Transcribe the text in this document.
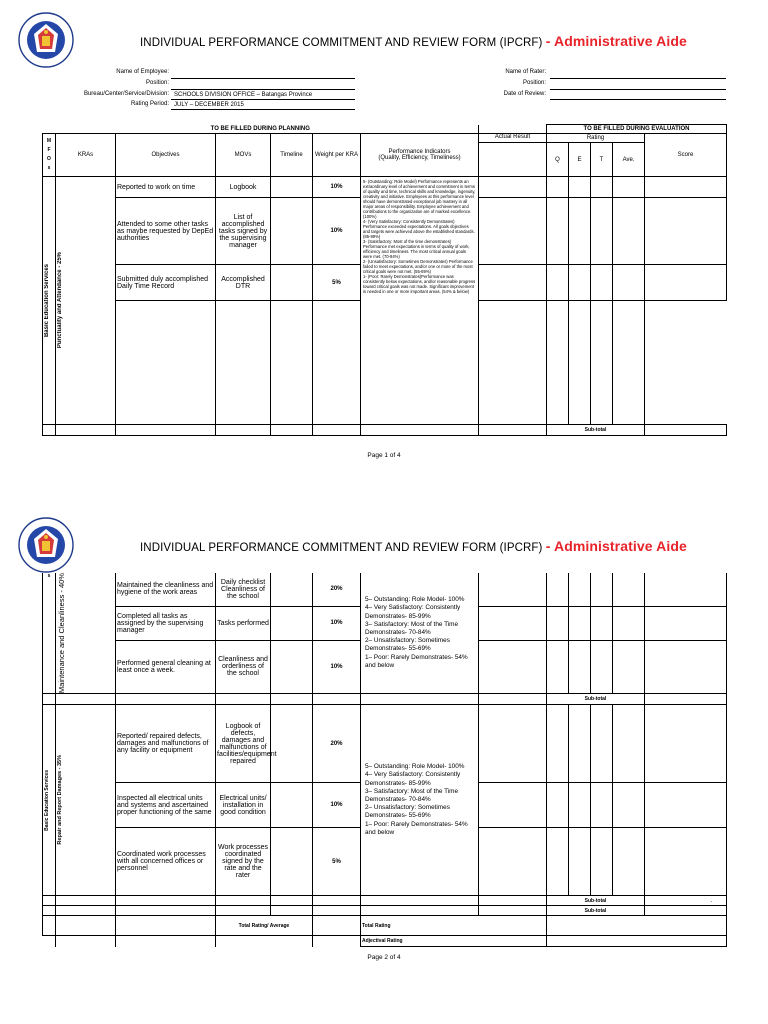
INDIVIDUAL PERFORMANCE COMMITMENT AND REVIEW FORM (IPCRF) - Administrative Aide
Name of Employee:
Position:
Bureau/Center/Service/Division: SCHOOLS DIVISION OFFICE – Batangas Province
Rating Period: JULY – DECEMBER 2015
Name of Rater:
Position:
Date of Review:
TO BE FILLED DURING PLANNING								TO BE FILLED DURING EVALUATION				
M
F
O
s	KRAs	Objectives	MOVs	Timeline	Weight per KRA	Performance Indicators
(Quality, Efficiency, Timeliness)	Actual Result	Rating				Score
								Q	E	T	Ave.	

Basic Education Services	Punctuality and Attendance - 25%	Reported to work on time	Logbook		10%	5- (Outstanding: Role Model) Performance represents an extraordinary level of achievement and commitment in terms of quality and time, technical skills and knowledge, ingenuity, creativity and initiative. Employees at this performance level should have demonstrated exceptional job mastery in all major areas of responsibility. Employee achievement and contributions to the organization are of marked excellence. (100%)
4- (Very Satisfactory: Consistently Demonstrates) Performance exceeded expectations. All goals objectives and targets were achieved above the established standards. (85-99%)
3- (Satisfactory: Most of the time demonstrates) Performance met expectations in terms of quality of work, efficiency and timeliness. The most critical annual goals were met. (70-84%)
2- (Unsatisfactory: Sometimes Demonstrates) Performance failed to meet expectations, and/or one or more of the most critical goals were not met. (55-69%)
1- (Poor: Rarely Demonstrates)Performance was consistently below expectations, and/or reasonable progress toward critical goals was not made. Significant improvement is needed in one or more important areas. (54% & below)						

		Attended to some other tasks as maybe requested by DepEd authorities	List of accomplished tasks signed by the supervising manager		10%							
		Submitted duly accomplished Daily Time Record	Accomplished DTR		5%							

								Sub-total				
Page 1 of 4
INDIVIDUAL PERFORMANCE COMMITMENT AND REVIEW FORM (IPCRF) - Administrative Aide
s	Maintenance and Cleanliness - 40%	Maintained the cleanliness and hygiene of the work areas	Daily checklist Cleanliness of the school		20%	5– Outstanding: Role Model- 100%
4– Very Satisfactory: Consistently Demonstrates- 85-99%
3– Satisfactory: Most of the Time Demonstrates- 70-84%
2– Unsatisfactory: Sometimes Demonstrates- 55-69%
1– Poor: Rarely Demonstrates- 54% and below						

		Completed all tasks as assigned by the supervising manager	Tasks performed		10%							
		Performed general cleaning at least once a week.	Cleanliness and orderliness of the school		10%							
								Sub-total				

Basic Education Services	Repair and Report Damages - 35%	Reported/ repaired defects, damages and malfunctions of any facility or equipment	Logbook of defects, damages and malfunctions of facilities/equipment repaired		20%	5– Outstanding: Role Model- 100%
4– Very Satisfactory: Consistently Demonstrates- 85-99%
3– Satisfactory: Most of the Time Demonstrates- 70-84%
2– Unsatisfactory: Sometimes Demonstrates- 55-69%
1– Poor: Rarely Demonstrates- 54% and below						

		Inspected all electrical units and systems and ascertained proper functioning of the same	Electrical units/ installation in good condition		10%							
		Coordinated work processes with all concerned offices or personnel	Work processes coordinated signed by the rate and the rater		5%							
								Sub-total				.
								Sub-total				
			Total Rating/ Average			Total Rating						
						Adjectival Rating						
Page 2 of 4
